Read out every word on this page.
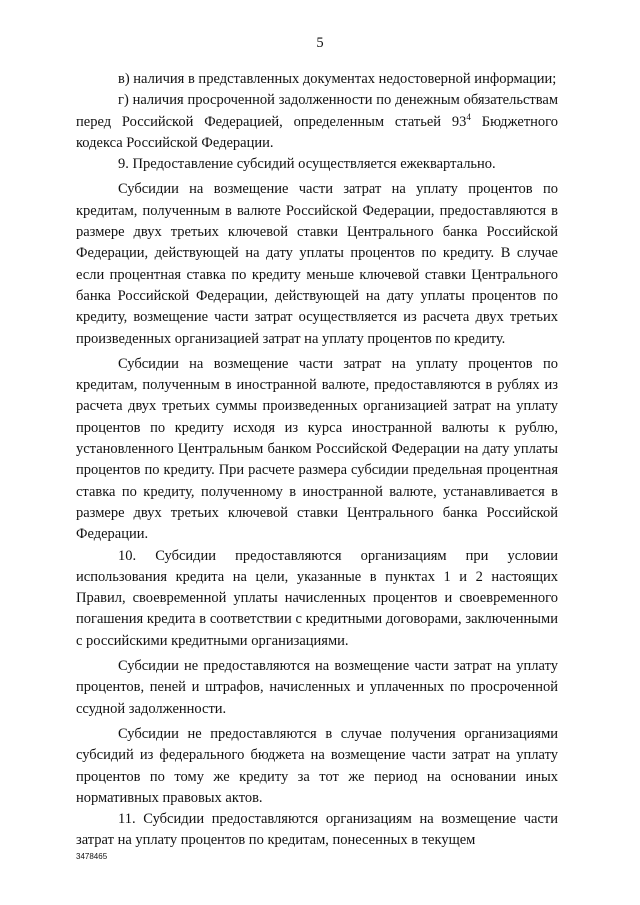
5

в) наличия в представленных документах недостоверной информации;

г) наличия просроченной задолженности по денежным обязательствам перед Российской Федерацией, определенным статьей $93^4$ Бюджетного кодекса Российской Федерации.

9. Предоставление субсидий осуществляется ежеквартально.

Субсидии на возмещение части затрат на уплату процентов по кредитам, полученным в валюте Российской Федерации, предоставляются в размере двух третьих ключевой ставки Центрального банка Российской Федерации, действующей на дату уплаты процентов по кредиту. В случае если процентная ставка по кредиту меньше ключевой ставки Центрального банка Российской Федерации, действующей на дату уплаты процентов по кредиту, возмещение части затрат осуществляется из расчета двух третьих произведенных организацией затрат на уплату процентов по кредиту.

Субсидии на возмещение части затрат на уплату процентов по кредитам, полученным в иностранной валюте, предоставляются в рублях из расчета двух третьих суммы произведенных организацией затрат на уплату процентов по кредиту исходя из курса иностранной валюты к рублю, установленного Центральным банком Российской Федерации на дату уплаты процентов по кредиту. При расчете размера субсидии предельная процентная ставка по кредиту, полученному в иностранной валюте, устанавливается в размере двух третьих ключевой ставки Центрального банка Российской Федерации.

10. Субсидии предоставляются организациям при условии использования кредита на цели, указанные в пунктах 1 и 2 настоящих Правил, своевременной уплаты начисленных процентов и своевременного погашения кредита в соответствии с кредитными договорами, заключенными с российскими кредитными организациями.

Субсидии не предоставляются на возмещение части затрат на уплату процентов, пеней и штрафов, начисленных и уплаченных по просроченной ссудной задолженности.

Субсидии не предоставляются в случае получения организациями субсидий из федерального бюджета на возмещение части затрат на уплату процентов по тому же кредиту за тот же период на основании иных нормативных правовых актов.

11. Субсидии предоставляются организациям на возмещение части затрат на уплату процентов по кредитам, понесенных в текущем

3478465
